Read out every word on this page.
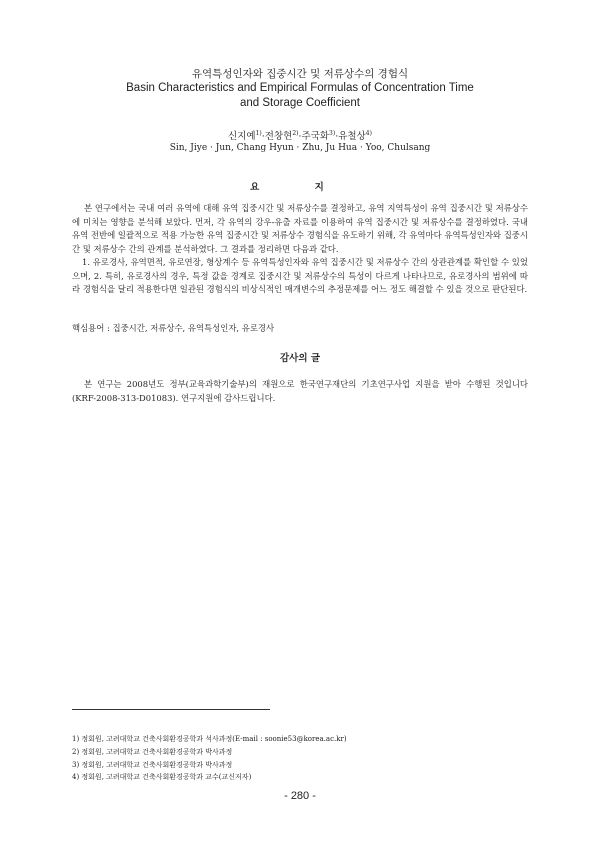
유역특성인자와 집중시간 및 저류상수의 경험식
Basin Characteristics and Empirical Formulas of Concentration Time
and Storage Coefficient
신지예$^{1)}$·전창현$^{2)}$·주국화$^{3)}$·유철상$^{4)}$
Sin, Jiye · Jun, Chang Hyun · Zhu, Ju Hua · Yoo, Chulsang
요 지
본 연구에서는 국내 여러 유역에 대해 유역 집중시간 및 저류상수를 결정하고, 유역 지역특성이 유역 집중시간 및 저류상수에 미치는 영향을 분석해 보았다. 먼저, 각 유역의 강우-유출 자료를 이용하여 유역 집중시간 및 저류상수를 결정하였다. 국내 유역 전반에 일괄적으로 적용 가능한 유역 집중시간 및 저류상수 경험식을 유도하기 위해, 각 유역마다 유역특성인자와 집중시간 및 저류상수 간의 관계를 분석하였다. 그 결과를 정리하면 다음과 같다.
1. 유로경사, 유역면적, 유로연장, 형상계수 등 유역특성인자와 유역 집중시간 및 저류상수 간의 상관관계를 확인할 수 있었으며, 2. 특히, 유로경사의 경우, 특정 값을 경계로 집중시간 및 저류상수의 특성이 다르게 나타나므로, 유로경사의 범위에 따라 경험식을 달리 적용한다면 일관된 경험식의 비상식적인 매개변수의 추정문제를 어느 정도 해결할 수 있을 것으로 판단된다.
핵심용어 : 집중시간, 저류상수, 유역특성인자, 유로경사
감사의 글
본 연구는 2008년도 정부(교육과학기술부)의 재원으로 한국연구재단의 기초연구사업 지원을 받아 수행된 것입니다 (KRF-2008-313-D01083). 연구지원에 감사드립니다.
1) 정회원, 고려대학교 건축사회환경공학과 석사과정(E-mail : soonie53@korea.ac.kr)
2) 정회원, 고려대학교 건축사회환경공학과 박사과정
3) 정회원, 고려대학교 건축사회환경공학과 박사과정
4) 정회원, 고려대학교 건축사회환경공학과 교수(교신저자)
- 280 -
